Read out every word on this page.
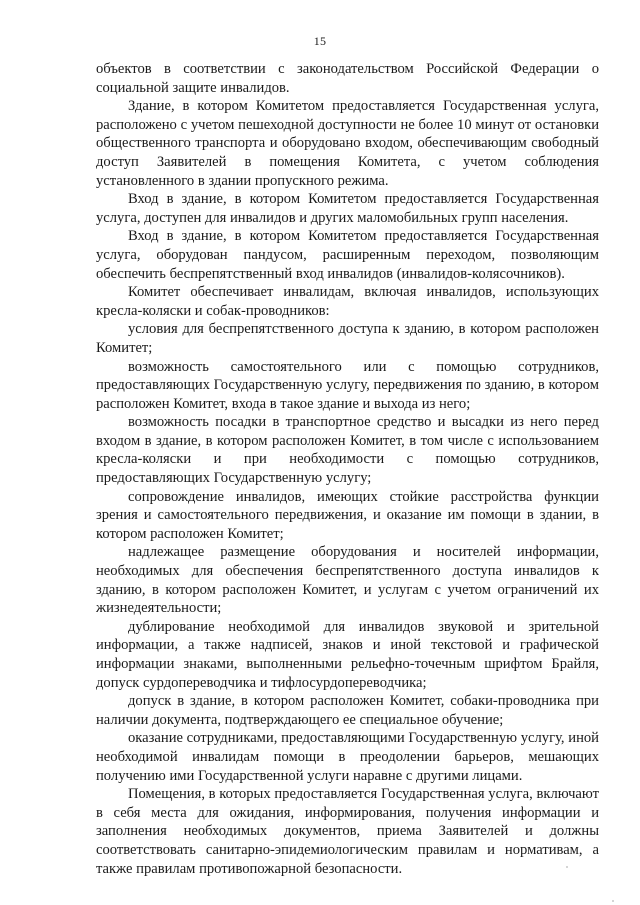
15

объектов в соответствии с законодательством Российской Федерации о социальной защите инвалидов.

Здание, в котором Комитетом предоставляется Государственная услуга, расположено с учетом пешеходной доступности не более 10 минут от остановки общественного транспорта и оборудовано входом, обеспечивающим свободный доступ Заявителей в помещения Комитета, с учетом соблюдения установленного в здании пропускного режима.

Вход в здание, в котором Комитетом предоставляется Государственная услуга, доступен для инвалидов и других маломобильных групп населения.

Вход в здание, в котором Комитетом предоставляется Государственная услуга, оборудован пандусом, расширенным переходом, позволяющим обеспечить беспрепятственный вход инвалидов (инвалидов-колясочников).

Комитет обеспечивает инвалидам, включая инвалидов, использующих кресла-коляски и собак-проводников:

условия для беспрепятственного доступа к зданию, в котором расположен Комитет;

возможность самостоятельного или с помощью сотрудников, предоставляющих Государственную услугу, передвижения по зданию, в котором расположен Комитет, входа в такое здание и выхода из него;

возможность посадки в транспортное средство и высадки из него перед входом в здание, в котором расположен Комитет, в том числе с использованием кресла-коляски и при необходимости с помощью сотрудников, предоставляющих Государственную услугу;

сопровождение инвалидов, имеющих стойкие расстройства функции зрения и самостоятельного передвижения, и оказание им помощи в здании, в котором расположен Комитет;

надлежащее размещение оборудования и носителей информации, необходимых для обеспечения беспрепятственного доступа инвалидов к зданию, в котором расположен Комитет, и услугам с учетом ограничений их жизнедеятельности;

дублирование необходимой для инвалидов звуковой и зрительной информации, а также надписей, знаков и иной текстовой и графической информации знаками, выполненными рельефно-точечным шрифтом Брайля, допуск сурдопереводчика и тифлосурдопереводчика;

допуск в здание, в котором расположен Комитет, собаки-проводника при наличии документа, подтверждающего ее специальное обучение;

оказание сотрудниками, предоставляющими Государственную услугу, иной необходимой инвалидам помощи в преодолении барьеров, мешающих получению ими Государственной услуги наравне с другими лицами.

Помещения, в которых предоставляется Государственная услуга, включают в себя места для ожидания, информирования, получения информации и заполнения необходимых документов, приема Заявителей и должны соответствовать санитарно-эпидемиологическим правилам и нормативам, а также правилам противопожарной безопасности.
